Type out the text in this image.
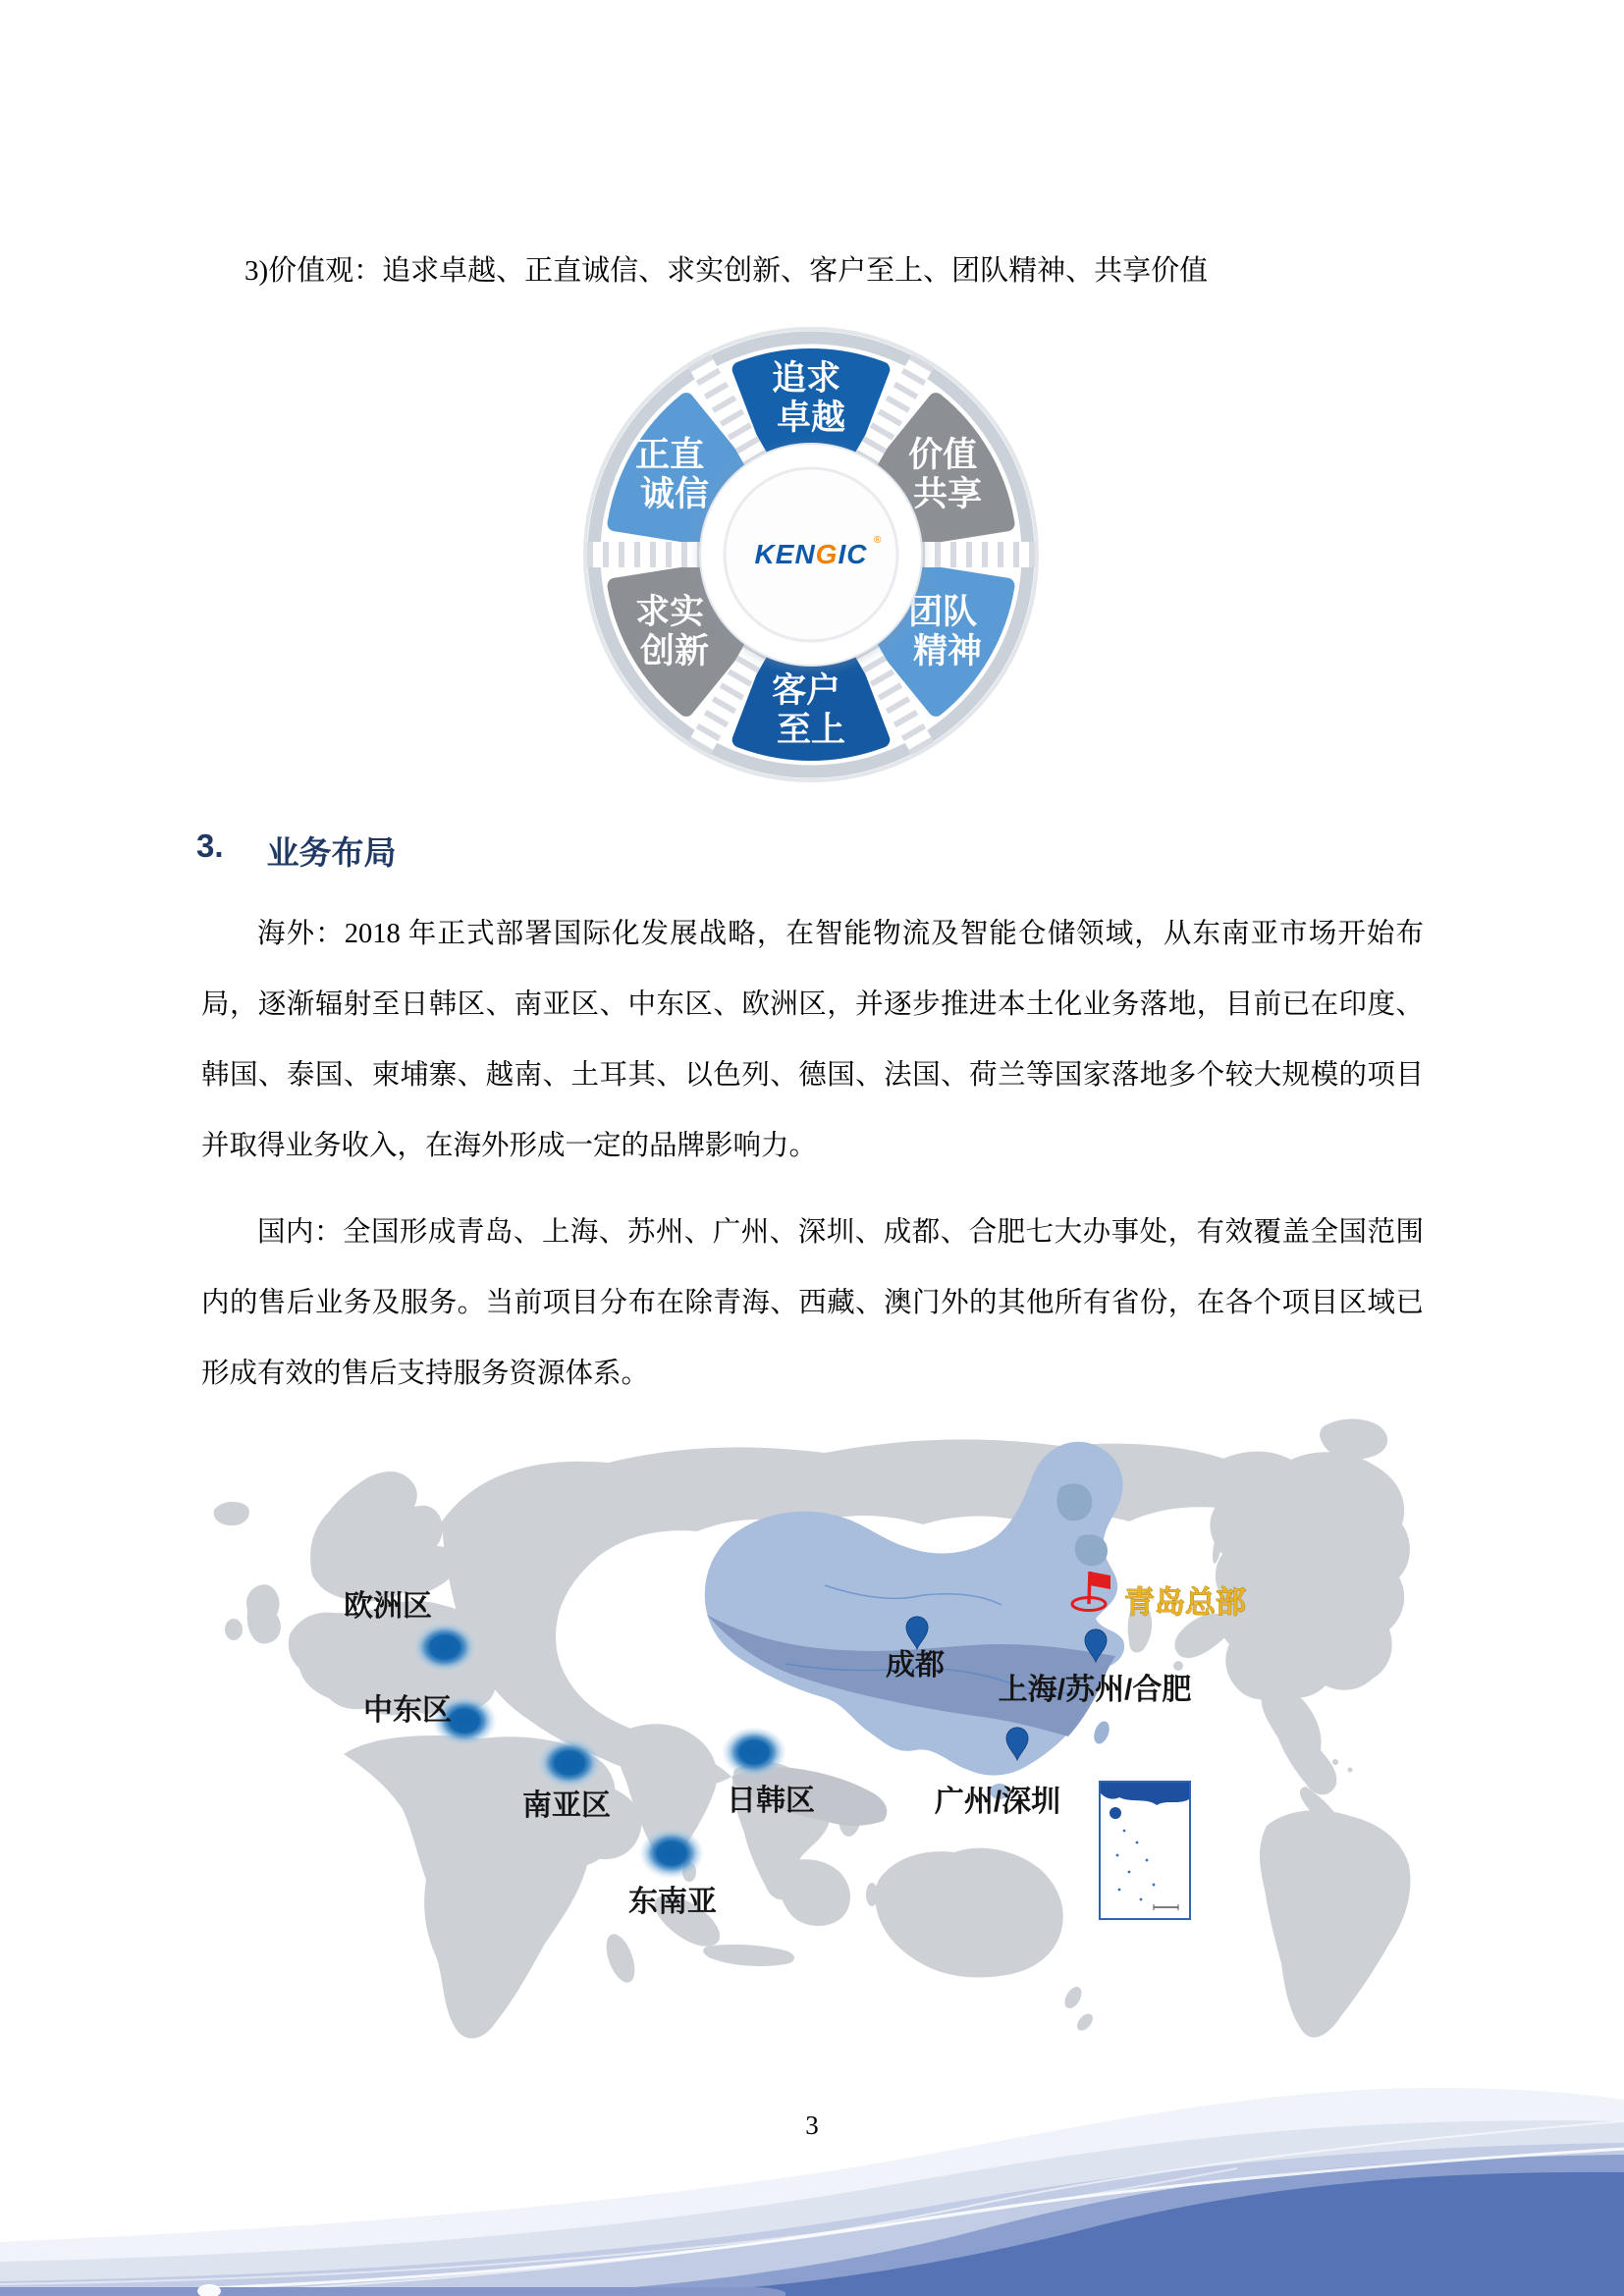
3)价值观：追求卓越、正直诚信、求实创新、客户至上、团队精神、共享价值

追求 卓越
价值 共享
团队 精神
客户 至上
求实 创新
正直 诚信
KENGIC ®
3. 业务布局

海外：2018 年正式部署国际化发展战略，在智能物流及智能仓储领域，从东南亚市场开始布局，逐渐辐射至日韩区、南亚区、中东区、欧洲区，并逐步推进本土化业务落地，目前已在印度、韩国、泰国、柬埔寨、越南、土耳其、以色列、德国、法国、荷兰等国家落地多个较大规模的项目并取得业务收入，在海外形成一定的品牌影响力。

国内：全国形成青岛、上海、苏州、广州、深圳、成都、合肥七大办事处，有效覆盖全国范围内的售后业务及服务。当前项目分布在除青海、西藏、澳门外的其他所有省份，在各个项目区域已形成有效的售后支持服务资源体系。

欧洲区
中东区
南亚区	日韩区
东南亚
成都
上海/苏州/合肥
广州/深圳
青岛总部
3
